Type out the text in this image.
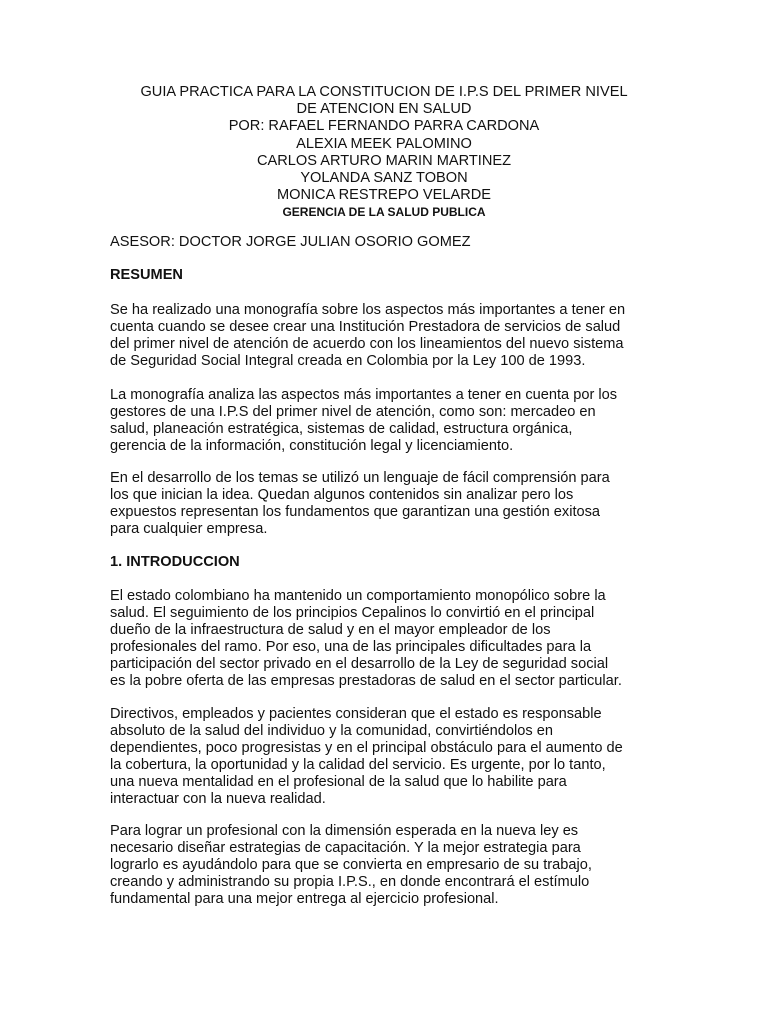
GUIA PRACTICA PARA LA CONSTITUCION DE I.P.S DEL PRIMER NIVEL
DE ATENCION EN SALUD
POR: RAFAEL FERNANDO PARRA CARDONA
ALEXIA MEEK PALOMINO
CARLOS ARTURO MARIN MARTINEZ
YOLANDA SANZ TOBON
MONICA RESTREPO VELARDE
GERENCIA DE LA SALUD PUBLICA
ASESOR: DOCTOR JORGE JULIAN OSORIO GOMEZ
RESUMEN
Se ha realizado una monografía sobre los aspectos más importantes a tener en
cuenta cuando se desee crear una Institución Prestadora de servicios de salud
del primer nivel de atención de acuerdo con los lineamientos del nuevo sistema
de Seguridad Social Integral creada en Colombia por la Ley 100 de 1993.
La monografía analiza las aspectos más importantes a tener en cuenta por los
gestores de una I.P.S del primer nivel de atención, como son: mercadeo en
salud, planeación estratégica, sistemas de calidad, estructura orgánica,
gerencia de la información, constitución legal y licenciamiento.
En el desarrollo de los temas se utilizó un lenguaje de fácil comprensión para
los que inician la idea. Quedan algunos contenidos sin analizar pero los
expuestos representan los fundamentos que garantizan una gestión exitosa
para cualquier empresa.
1. INTRODUCCION
El estado colombiano ha mantenido un comportamiento monopólico sobre la
salud. El seguimiento de los principios Cepalinos lo convirtió en el principal
dueño de la infraestructura de salud y en el mayor empleador de los
profesionales del ramo. Por eso, una de las principales dificultades para la
participación del sector privado en el desarrollo de la Ley de seguridad social
es la pobre oferta de las empresas prestadoras de salud en el sector particular.
Directivos, empleados y pacientes consideran que el estado es responsable
absoluto de la salud del individuo y la comunidad, convirtiéndolos en
dependientes, poco progresistas y en el principal obstáculo para el aumento de
la cobertura, la oportunidad y la calidad del servicio. Es urgente, por lo tanto,
una nueva mentalidad en el profesional de la salud que lo habilite para
interactuar con la nueva realidad.
Para lograr un profesional con la dimensión esperada en la nueva ley es
necesario diseñar estrategias de capacitación. Y la mejor estrategia para
lograrlo es ayudándolo para que se convierta en empresario de su trabajo,
creando y administrando su propia I.P.S., en donde encontrará el estímulo
fundamental para una mejor entrega al ejercicio profesional.
